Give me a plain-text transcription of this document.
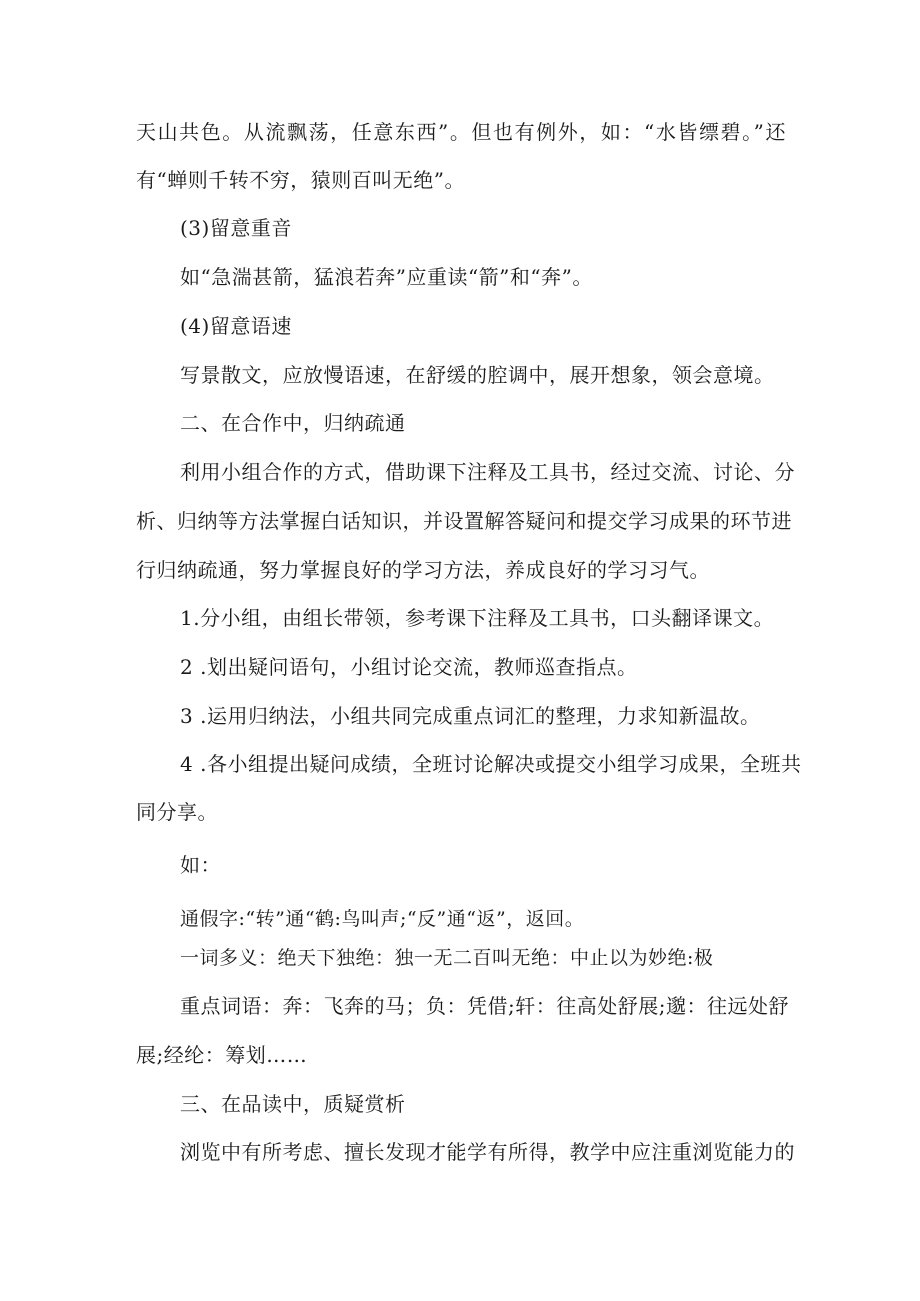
天山共色。从流飘荡，任意东西”。但也有例外，如：“水皆缥碧。”还
有“蝉则千转不穷，猿则百叫无绝”。
(3)留意重音
如“急湍甚箭，猛浪若奔”应重读“箭”和“奔”。
(4)留意语速
写景散文，应放慢语速，在舒缓的腔调中，展开想象，领会意境。
二、在合作中，归纳疏通
利用小组合作的方式，借助课下注释及工具书，经过交流、讨论、分
析、归纳等方法掌握白话知识，并设置解答疑问和提交学习成果的环节进
行归纳疏通，努力掌握良好的学习方法，养成良好的学习习气。
1.分小组，由组长带领，参考课下注释及工具书，口头翻译课文。
2 .划出疑问语句，小组讨论交流，教师巡查指点。
3 .运用归纳法，小组共同完成重点词汇的整理，力求知新温故。
4 .各小组提出疑问成绩，全班讨论解决或提交小组学习成果，全班共
同分享。
如：
通假字:“转”通“鹤:鸟叫声;“反”通“返”，返回。
一词多义：绝天下独绝：独一无二百叫无绝：中止以为妙绝:极
重点词语：奔：飞奔的马；负：凭借;轩：往高处舒展;邈：往远处舒
展;经纶：筹划……
三、在品读中，质疑赏析
浏览中有所考虑、擅长发现才能学有所得，教学中应注重浏览能力的
